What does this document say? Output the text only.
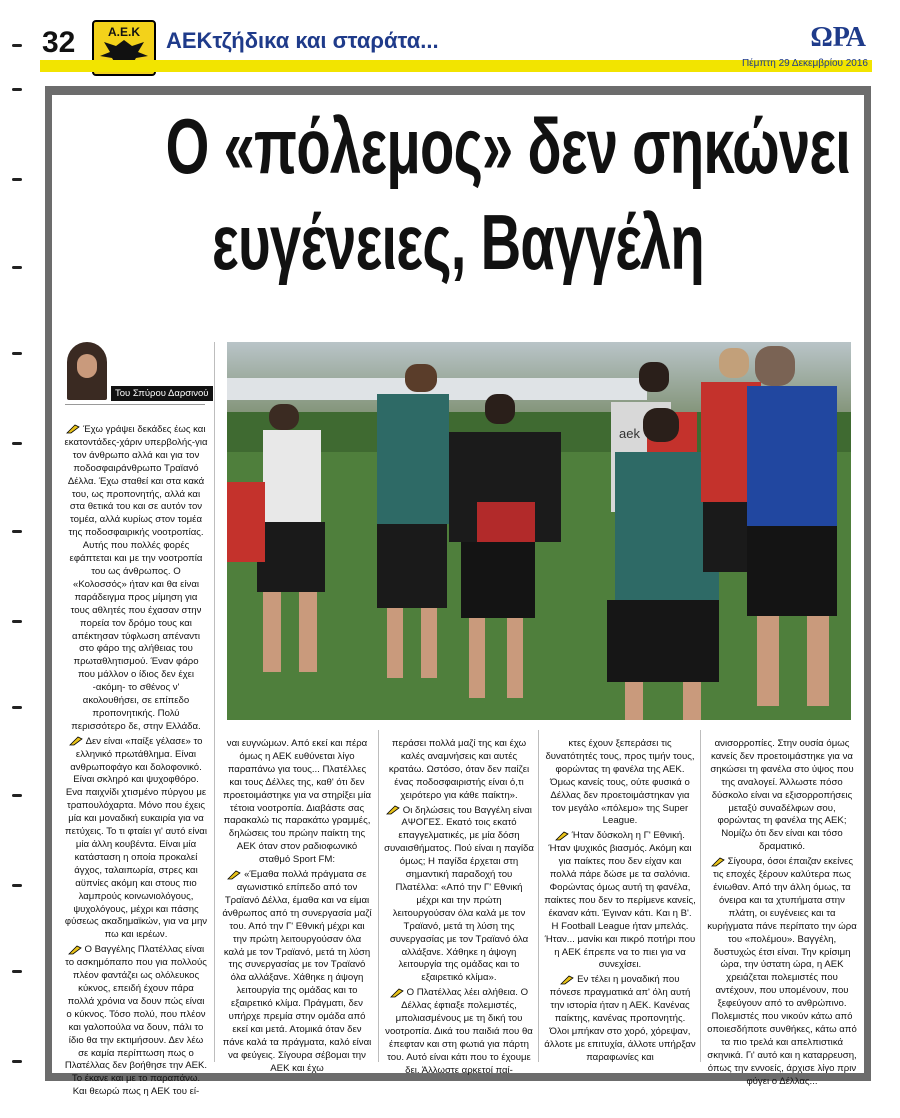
32	Α.Ε.Κ	ΑΕΚτζήδικα και σταράτα...	ΩΡΑ
Πέμπτη 29 Δεκεμβρίου 2016
Ο «πόλεμος» δεν σηκώνει
ευγένειες, Βαγγέλη
Του Σπύρου Δαρσινού
aek

Έχω γράψει δεκάδες έως και εκατοντάδες-χάριν υπερβολής-για τον άνθρωπο αλλά και για τον ποδοσφαιράνθρωπο Τραϊανό Δέλλα. Έχω σταθεί και στα κακά του, ως προπονητής, αλλά και στα θετικά του και σε αυτόν τον τομέα, αλλά κυρίως στον τομέα της ποδοσφαιρικής νοοτροπίας. Αυτής που πολλές φορές εφάπτεται και με την νοοτροπία του ως άνθρωπος. Ο «Κολοσσός» ήταν και θα είναι παράδειγμα προς μίμηση για τους αθλητές που έχασαν στην πορεία τον δρόμο τους και απέκτησαν τύφλωση απέναντι στο φάρο της αλήθειας του πρωταθλητισμού. Έναν φάρο που μάλλον ο ίδιος δεν έχει -ακόμη- το σθένος ν' ακολουθήσει, σε επίπεδο προπονητικής. Πολύ περισσότερο δε, στην Ελλάδα.

Δεν είναι «παίξε γέλασε» το ελληνικό πρωτάθλημα. Είναι ανθρωποφάγο και δολοφονικό. Είναι σκληρό και ψυχοφθόρο. Ενα παιχνίδι χτισμένο πύργου με τραπουλόχαρτα. Μόνο που έχεις μία και μοναδική ευκαιρία για να πετύχεις. Το τι φταίει γι' αυτό είναι μία άλλη κουβέντα. Είναι μία κατάσταση η οποία προκαλεί άγχος, ταλαιπωρία, στρες και αϋπνίες ακόμη και στους πιο λαμπρούς κοινωνιολόγους, ψυχολόγους, μέχρι και πάσης φύσεως ακαδημαϊκών, για να μην πω και ιερέων.

Ο Βαγγέλης Πλατέλλας είναι το ασκημόπαπο που για πολλούς πλέον φαντάζει ως ολόλευκος κύκνος, επειδή έχουν πάρα πολλά χρόνια να δουν πώς είναι ο κύκνος. Τόσο πολύ, που πλέον και γαλοπούλα να δουν, πάλι το ίδιο θα την εκτιμήσουν. Δεν λέω σε καμία περίπτωση πως ο Πλατέλλας δεν βοήθησε την ΑΕΚ. Το έκανε και με το παραπάνω. Και θεωρώ πως η ΑΕΚ του εί-

ναι ευγνώμων. Από εκεί και πέρα όμως η ΑΕΚ ευθύνεται λίγο παραπάνω για τους... Πλατέλλες και τους Δέλλες της, καθ' ότι δεν προετοιμάστηκε για να στηρίξει μία τέτοια νοοτροπία. Διαβάστε σας παρακαλώ τις παρακάτω γραμμές, δηλώσεις του πρώην παίκτη της ΑΕΚ όταν στον ραδιοφωνικό σταθμό Sport FM:

«Έμαθα πολλά πράγματα σε αγωνιστικό επίπεδο από τον Τραϊανό Δέλλα, έμαθα και να είμαι άνθρωπος από τη συνεργασία μαζί του. Από την Γ' Εθνική μέχρι και την πρώτη λειτουργούσαν όλα καλά με τον Τραϊανό, μετά τη λύση της συνεργασίας με τον Τραϊανό όλα αλλάξανε. Χάθηκε η άψογη λειτουργία της ομάδας και το εξαιρετικό κλίμα. Πράγματι, δεν υπήρχε πρεμία στην ομάδα από εκεί και μετά. Ατομικά όταν δεν πάνε καλά τα πράγματα, καλό είναι να φεύγεις. Σίγουρα σέβομαι την ΑΕΚ και έχω

περάσει πολλά μαζί της και έχω καλές αναμνήσεις και αυτές κρατάω. Ωστόσο, όταν δεν παίζει ένας ποδοσφαιριστής είναι ό,τι χειρότερο για κάθε παίκτη».

Οι δηλώσεις του Βαγγέλη είναι ΑΨΟΓΕΣ. Εκατό τοις εκατό επαγγελματικές, με μία δόση συναισθήματος. Πού είναι η παγίδα όμως; Η παγίδα έρχεται στη σημαντική παραδοχή του Πλατέλλα: «Από την Γ' Εθνική μέχρι και την πρώτη λειτουργούσαν όλα καλά με τον Τραϊανό, μετά τη λύση της συνεργασίας με τον Τραϊανό όλα αλλάξανε. Χάθηκε η άψογη λειτουργία της ομάδας και το εξαιρετικό κλίμα».

Ο Πλατέλλας λέει αλήθεια. Ο Δέλλας έφτιαξε πολεμιστές, μπολιασμένους με τη δική του νοοτροπία. Δικά του παιδιά που θα έπεφταν και στη φωτιά για πάρτη του. Αυτό είναι κάτι που το έχουμε δει. Άλλωστε αρκετοί παί-

κτες έχουν ξεπεράσει τις δυνατότητές τους, προς τιμήν τους, φορώντας τη φανέλα της ΑΕΚ. Όμως κανείς τους, ούτε φυσικά ο Δέλλας δεν προετοιμάστηκαν για τον μεγάλο «πόλεμο» της Super League.

Ήταν δύσκολη η Γ' Εθνική. Ήταν ψυχικός βιασμός. Ακόμη και για παίκτες που δεν είχαν και πολλά πάρε δώσε με τα σαλόνια. Φορώντας όμως αυτή τη φανέλα, παίκτες που δεν το περίμενε κανείς, έκαναν κάτι. Έγιναν κάτι. Και η Β'. Η Football League ήταν μπελάς. Ήταν... μανίκι και πικρό ποτήρι που η ΑΕΚ έπρεπε να το πιει για να συνεχίσει.

Εν τέλει η μοναδική που πόνεσε πραγματικά απ' όλη αυτή την ιστορία ήταν η ΑΕΚ. Κανένας παίκτης, κανένας προπονητής. Όλοι μπήκαν στο χορό, χόρεψαν, άλλοτε με επιτυχία, άλλοτε υπήρξαν παραφωνίες και

ανισορροπίες. Στην ουσία όμως κανείς δεν προετοιμάστηκε για να σηκώσει τη φανέλα στο ύψος που της αναλογεί. Άλλωστε πόσο δύσκολο είναι να εξισορροπήσεις μεταξύ συναδέλφων σου, φορώντας τη φανέλα της ΑΕΚ; Νομίζω ότι δεν είναι και τόσο δραματικό.

Σίγουρα, όσοι έπαιζαν εκείνες τις εποχές ξέρουν καλύτερα πως ένιωθαν. Από την άλλη όμως, τα όνειρα και τα χτυπήματα στην πλάτη, οι ευγένειες και τα κυρήγματα πάνε περίπατο την ώρα του «πολέμου». Βαγγέλη, δυστυχώς έτσι είναι. Την κρίσιμη ώρα, την ύστατη ώρα, η ΑΕΚ χρειάζεται πολεμιστές που αντέχουν, που υπομένουν, που ξεφεύγουν από το ανθρώπινο. Πολεμιστές που νικούν κάτω από οποιεσδήποτε συνθήκες, κάτω από τα πιο τρελά και απελπιστικά σκηνικά. Γι' αυτό και η καταρρευση, όπως την εννοείς, άρχισε λίγο πριν φύγει ο Δέλλας...
